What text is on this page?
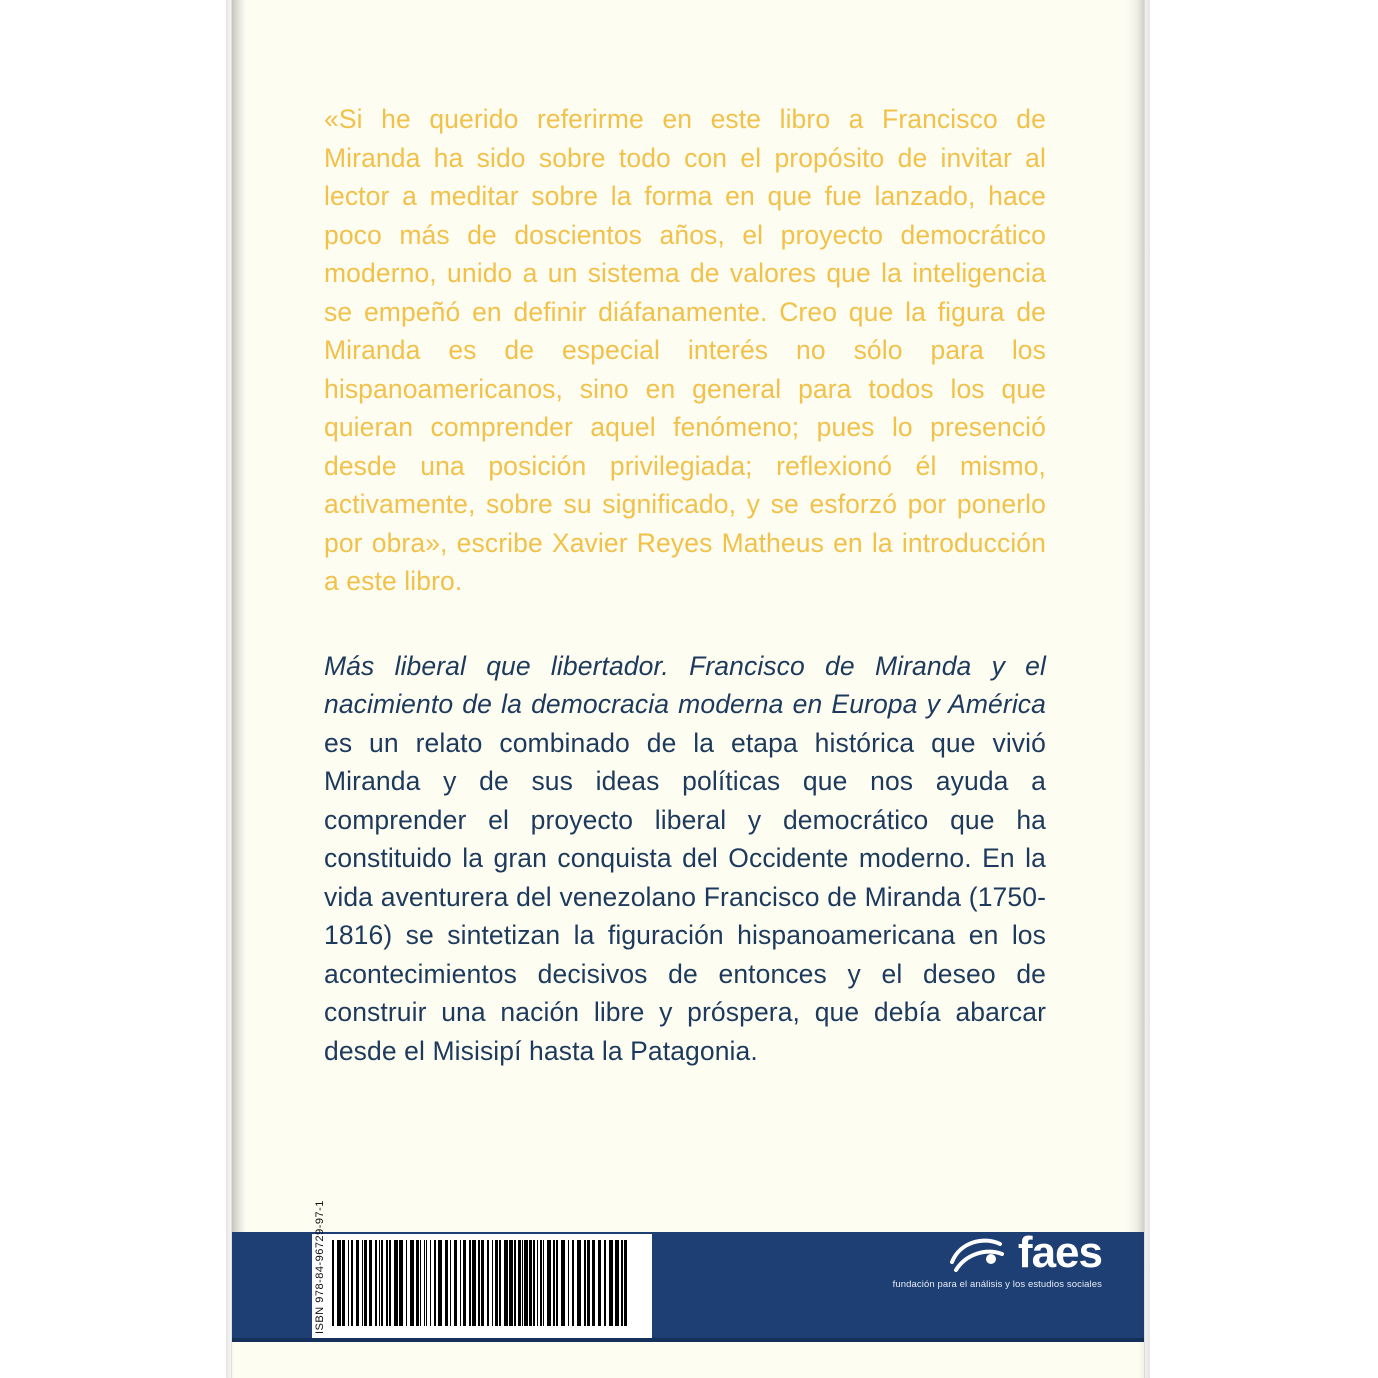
«Si he querido referirme en este libro a Francisco de Miranda ha sido sobre todo con el propósito de invitar al lector a meditar sobre la forma en que fue lanzado, hace poco más de doscientos años, el proyecto democrático moderno, unido a un sistema de valores que la inteligencia se empeñó en definir diáfanamente. Creo que la figura de Miranda es de especial interés no sólo para los hispanoamericanos, sino en general para todos los que quieran comprender aquel fenómeno; pues lo presenció desde una posición privilegiada; reflexionó él mismo, activamente, sobre su significado, y se esforzó por ponerlo por obra», escribe Xavier Reyes Matheus en la introducción a este libro.

Más liberal que libertador. Francisco de Miranda y el nacimiento de la democracia moderna en Europa y América es un relato combinado de la etapa histórica que vivió Miranda y de sus ideas políticas que nos ayuda a comprender el proyecto liberal y democrático que ha constituido la gran conquista del Occidente moderno. En la vida aventurera del venezolano Francisco de Miranda (1750-1816) se sintetizan la figuración hispanoamericana en los acontecimientos decisivos de entonces y el deseo de construir una nación libre y próspera, que debía abarcar desde el Misisipí hasta la Patagonia.

faes
fundación para el análisis y los estudios sociales
ISBN 978-84-96729-97-1
